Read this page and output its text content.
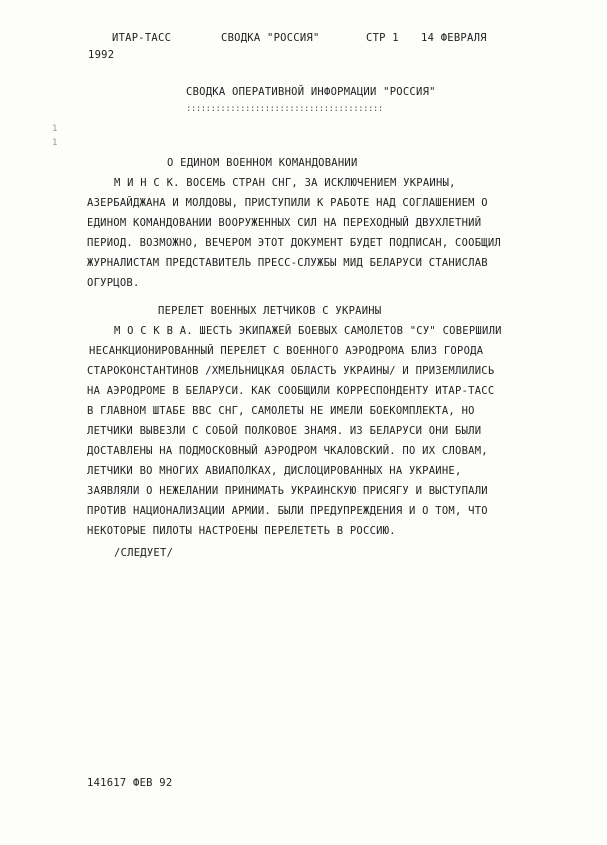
ИТАР-ТАСС	СВОДКА "РОССИЯ"	СТР 1 14 ФЕВРАЛЯ
1992
СВОДКА ОПЕРАТИВНОЙ ИНФОРМАЦИИ "РОССИЯ"
::::::::::::::::::::::::::::::::::::::::
1
1
О ЕДИНОМ ВОЕННОМ КОМАНДОВАНИИ
М И Н С К. ВОСЕМЬ СТРАН СНГ, ЗА ИСКЛЮЧЕНИЕМ УКРАИНЫ,
АЗЕРБАЙДЖАНА И МОЛДОВЫ, ПРИСТУПИЛИ К РАБОТЕ НАД СОГЛАШЕНИЕМ О
ЕДИНОМ КОМАНДОВАНИИ ВООРУЖЕННЫХ СИЛ НА ПЕРЕХОДНЫЙ ДВУХЛЕТНИЙ
ПЕРИОД. ВОЗМОЖНО, ВЕЧЕРОМ ЭТОТ ДОКУМЕНТ БУДЕТ ПОДПИСАН, СООБЩИЛ
ЖУРНАЛИСТАМ ПРЕДСТАВИТЕЛЬ ПРЕСС-СЛУЖБЫ МИД БЕЛАРУСИ СТАНИСЛАВ
ОГУРЦОВ.
ПЕРЕЛЕТ ВОЕННЫХ ЛЕТЧИКОВ С УКРАИНЫ
М О С К В А. ШЕСТЬ ЭКИПАЖЕЙ БОЕВЫХ САМОЛЕТОВ "СУ" СОВЕРШИЛИ
НЕСАНКЦИОНИРОВАННЫЙ ПЕРЕЛЕТ С ВОЕННОГО АЭРОДРОМА БЛИЗ ГОРОДА
СТАРОКОНСТАНТИНОВ /ХМЕЛЬНИЦКАЯ ОБЛАСТЬ УКРАИНЫ/ И ПРИЗЕМЛИЛИСЬ
НА АЭРОДРОМЕ В БЕЛАРУСИ. КАК СООБЩИЛИ КОРРЕСПОНДЕНТУ ИТАР-ТАСС
В ГЛАВНОМ ШТАБЕ ВВС СНГ, САМОЛЕТЫ НЕ ИМЕЛИ БОЕКОМПЛЕКТА, НО
ЛЕТЧИКИ ВЫВЕЗЛИ С СОБОЙ ПОЛКОВОЕ ЗНАМЯ. ИЗ БЕЛАРУСИ ОНИ БЫЛИ
ДОСТАВЛЕНЫ НА ПОДМОСКОВНЫЙ АЭРОДРОМ ЧКАЛОВСКИЙ. ПО ИХ СЛОВАМ,
ЛЕТЧИКИ ВО МНОГИХ АВИАПОЛКАХ, ДИСЛОЦИРОВАННЫХ НА УКРАИНЕ,
ЗАЯВЛЯЛИ О НЕЖЕЛАНИИ ПРИНИМАТЬ УКРАИНСКУЮ ПРИСЯГУ И ВЫСТУПАЛИ
ПРОТИВ НАЦИОНАЛИЗАЦИИ АРМИИ. БЫЛИ ПРЕДУПРЕЖДЕНИЯ И О ТОМ, ЧТО
НЕКОТОРЫЕ ПИЛОТЫ НАСТРОЕНЫ ПЕРЕЛЕТЕТЬ В РОССИЮ.
/СЛЕДУЕТ/
141617 ФЕВ 92
